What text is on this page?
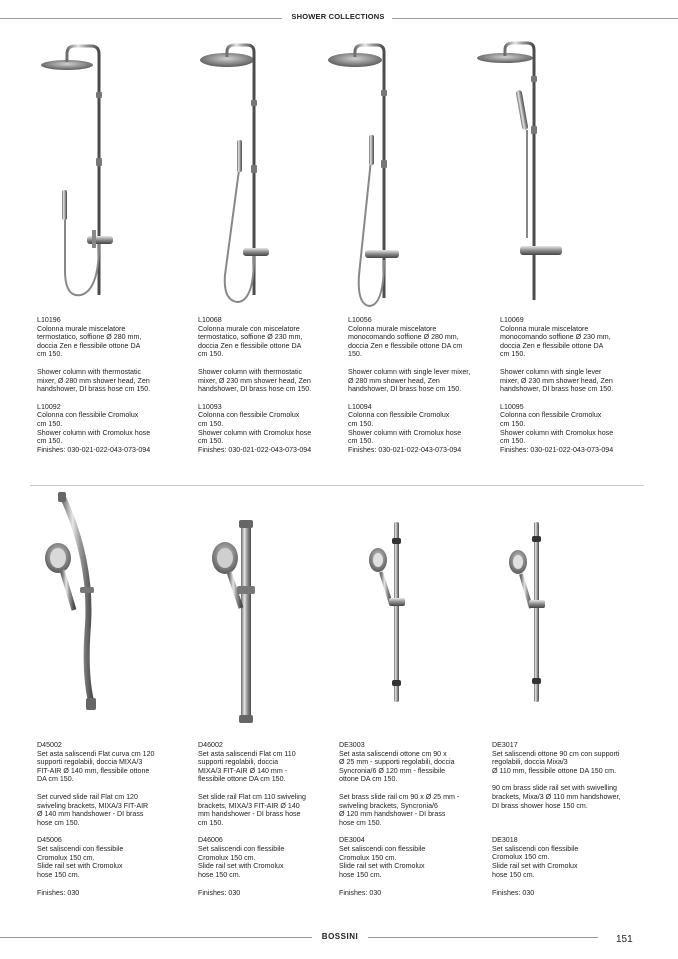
SHOWER COLLECTIONS

L10196

Colonna murale miscelatore

termostatico, soffione Ø 280 mm,

doccia Zen e flessibile ottone DA

cm 150.

Shower column with thermostatic

mixer, Ø 280 mm shower head, Zen

handshower, DI brass hose cm 150.

L10092

Colonna con flessibile Cromolux

cm 150.

Shower column with Cromolux hose

cm 150.

Finishes: 030-021-022-043-073-094

L10068

Colonna murale con miscelatore

termostatico, soffione Ø 230 mm,

doccia Zen e flessibile ottone DA

cm 150.

Shower column with thermostatic

mixer, Ø 230 mm shower head, Zen

handshower, DI brass hose cm 150.

L10093

Colonna con flessibile Cromolux

cm 150.

Shower column with Cromolux hose

cm 150.

Finishes: 030-021-022-043-073-094

L10056

Colonna murale miscelatore

monocomando soffione Ø 280 mm,

doccia Zen e flessibile ottone DA cm

150.

Shower column with single lever mixer,

Ø 280 mm shower head, Zen

handshower, DI brass hose cm 150.

L10094

Colonna con flessibile Cromolux

cm 150.

Shower column with Cromolux hose

cm 150.

Finishes: 030-021-022-043-073-094

L10069

Colonna murale miscelatore

monocomando soffione Ø 230 mm,

doccia Zen e flessibile ottone DA

cm 150.

Shower column with single lever

mixer, Ø 230 mm shower head, Zen

handshower, DI brass hose cm 150.

L10095

Colonna con flessibile Cromolux

cm 150.

Shower column with Cromolux hose

cm 150.

Finishes: 030-021-022-043-073-094

D45002

Set asta saliscendi Flat curva cm 120

supporti regolabili, doccia MIXA/3

FIT-AIR Ø 140 mm, flessibile ottone

DA cm 150.

Set curved slide rail Flat cm 120

swiveling brackets, MIXA/3 FIT-AIR

Ø 140 mm handshower - DI brass

hose cm 150.

D45006

Set saliscendi con flessibile

Cromolux 150 cm.

Slide rail set with Cromolux

hose 150 cm.

Finishes: 030

D46002

Set asta saliscendi Flat cm 110

supporti regolabili, doccia

MIXA/3 FIT-AIR Ø 140 mm -

flessibile ottone DA cm 150.

Set slide rail Flat cm 110 swiveling

brackets, MIXA/3 FIT-AIR Ø 140

mm handshower - DI brass hose

cm 150.

D46006

Set saliscendi con flessibile

Cromolux 150 cm.

Slide rail set with Cromolux

hose 150 cm.

Finishes: 030

DE3003

Set asta saliscendi ottone cm 90 x

Ø 25 mm - supporti regolabili, doccia

Syncronia/6 Ø 120 mm - flessibile

ottone DA cm 150.

Set brass slide rail cm 90 x Ø 25 mm -

swiveling brackets, Syncronia/6

Ø 120 mm handshower - DI brass

hose cm 150.

DE3004

Set saliscendi con flessibile

Cromolux 150 cm.

Slide rail set with Cromolux

hose 150 cm.

Finishes: 030

DE3017

Set saliscendi ottone 90 cm con supporti

regolabili, doccia Mixa/3

Ø 110 mm, flessibile ottone DA 150 cm.

90 cm brass slide rail set with swivelling

brackets, Mixa/3 Ø 110 mm handshower,

DI brass shower hose 150 cm.

DE3018

Set saliscendi con flessibile

Cromolux 150 cm.

Slide rail set with Cromolux

hose 150 cm.

Finishes: 030

BOSSINI	151
